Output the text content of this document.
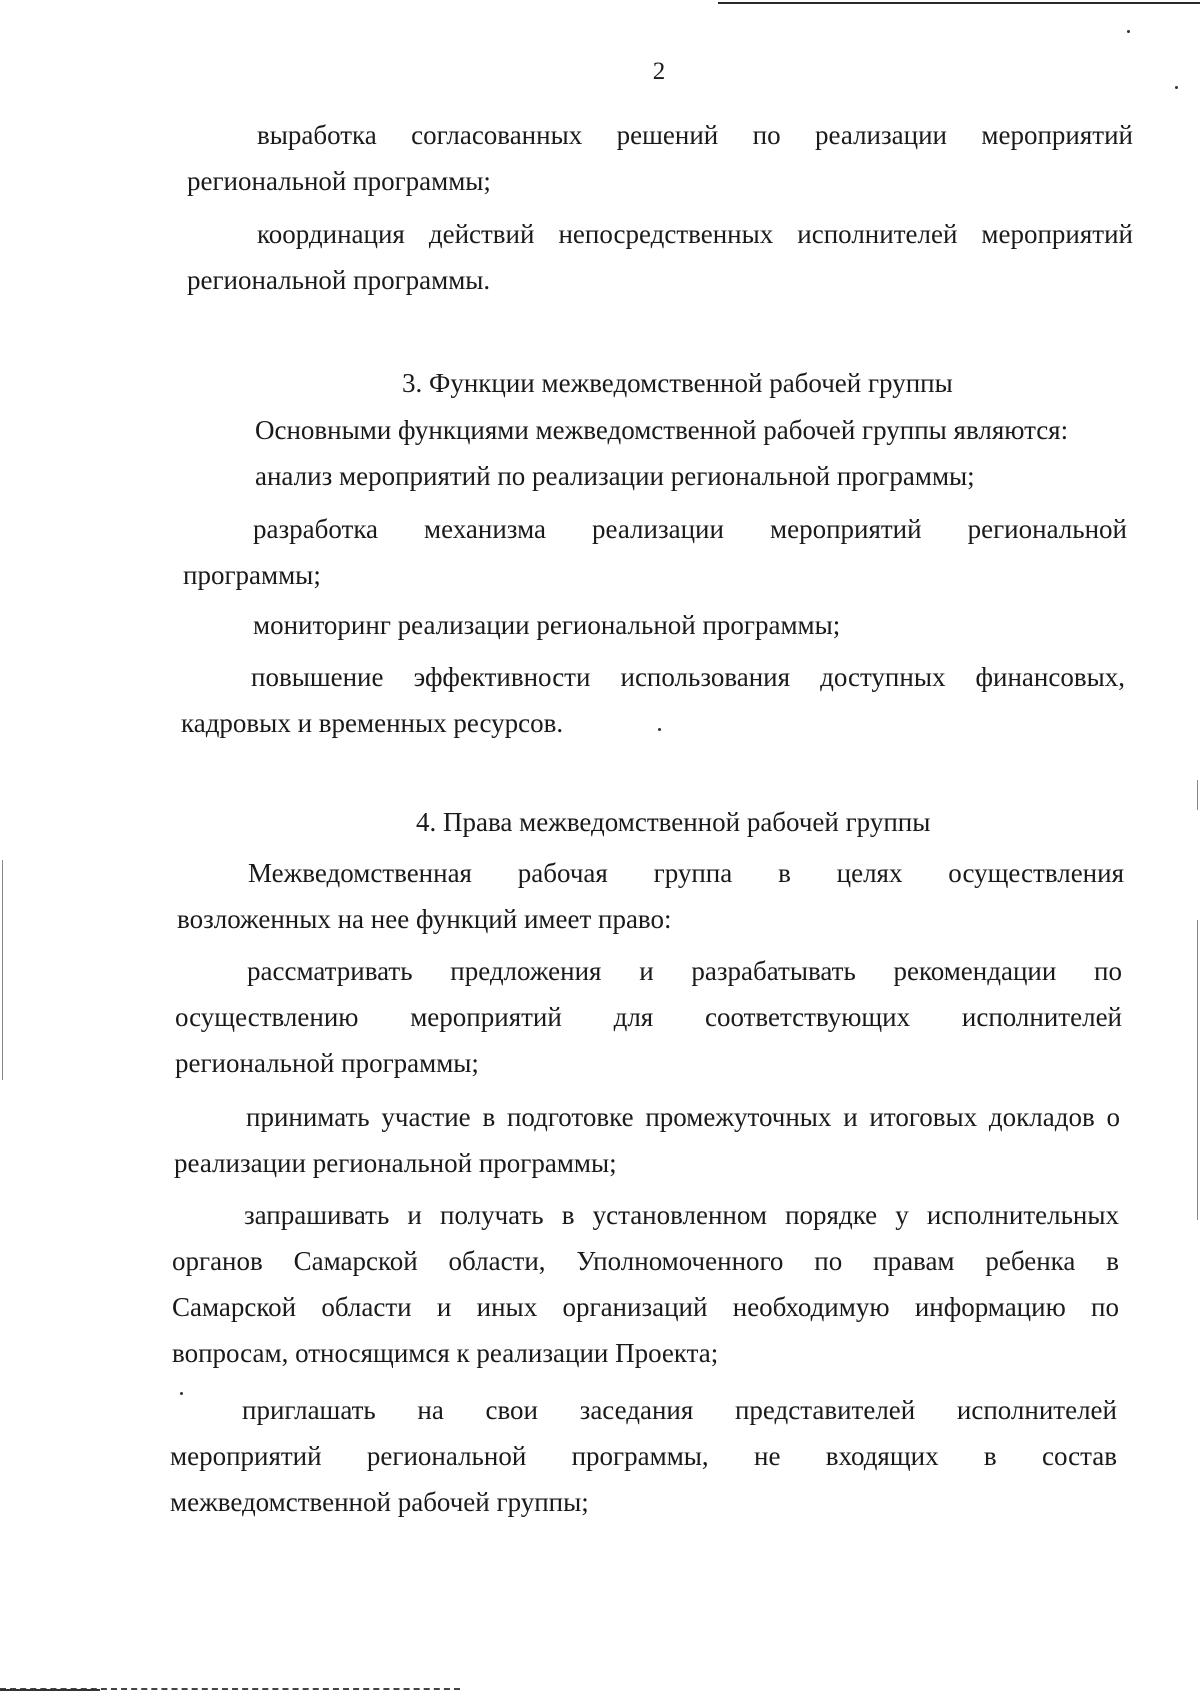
2
выработка согласованных решений по реализации мероприятий
региональной программы;
координация действий непосредственных исполнителей мероприятий
региональной программы.
3. Функции межведомственной рабочей группы
Основными функциями межведомственной рабочей группы являются:
анализ мероприятий по реализации региональной программы;
разработка механизма реализации мероприятий региональной
программы;
мониторинг реализации региональной программы;
повышение эффективности использования доступных финансовых,
кадровых и временных ресурсов.
4. Права межведомственной рабочей группы
Межведомственная рабочая группа в целях осуществления
возложенных на нее функций имеет право:
рассматривать предложения и разрабатывать рекомендации по
осуществлению мероприятий для соответствующих исполнителей
региональной программы;
принимать участие в подготовке промежуточных и итоговых докладов о
реализации региональной программы;
запрашивать и получать в установленном порядке у исполнительных
органов Самарской области, Уполномоченного по правам ребенка в
Самарской области и иных организаций необходимую информацию по
вопросам, относящимся к реализации Проекта;
приглашать на свои заседания представителей исполнителей
мероприятий региональной программы, не входящих в состав
межведомственной рабочей группы;
